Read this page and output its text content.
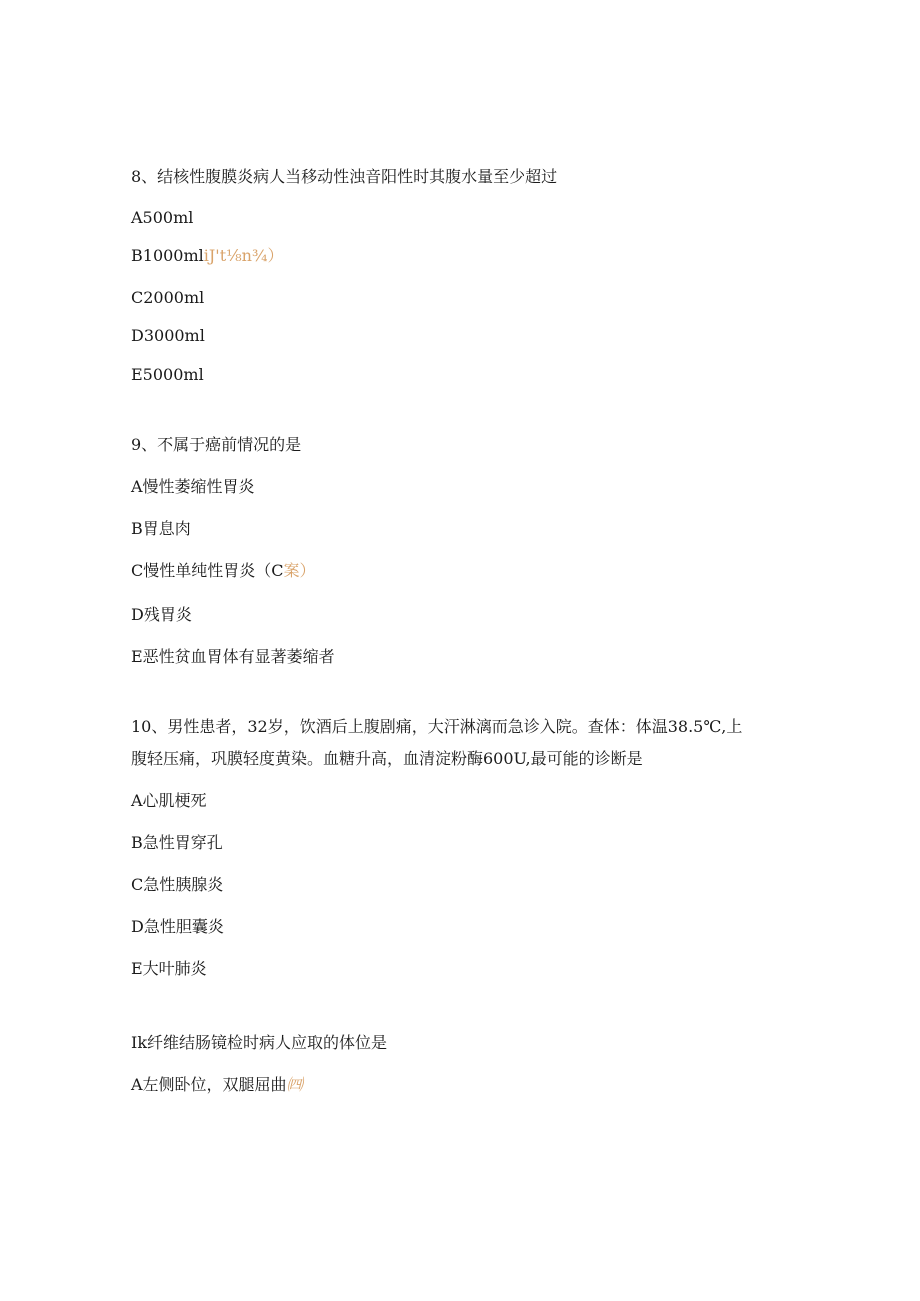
8、结核性腹膜炎病人当移动性浊音阳性时其腹水量至少超过
A500ml
B1000mliJ't⅛n¾）
C2000ml
D3000ml
E5000ml
9、不属于癌前情况的是
A慢性萎缩性胃炎
B胃息肉
C慢性单纯性胃炎（C案）
D残胃炎
E恶性贫血胃体有显著萎缩者
10、男性患者，32岁，饮酒后上腹剧痛，大汗淋漓而急诊入院。查体：体温38.5℃,上
腹轻压痛，巩膜轻度黄染。血糖升高，血清淀粉酶600U,最可能的诊断是
A心肌梗死
B急性胃穿孔
C急性胰腺炎
D急性胆囊炎
E大叶肺炎
Ik纤维结肠镜检时病人应取的体位是
A左侧卧位，双腿屈曲㈣
